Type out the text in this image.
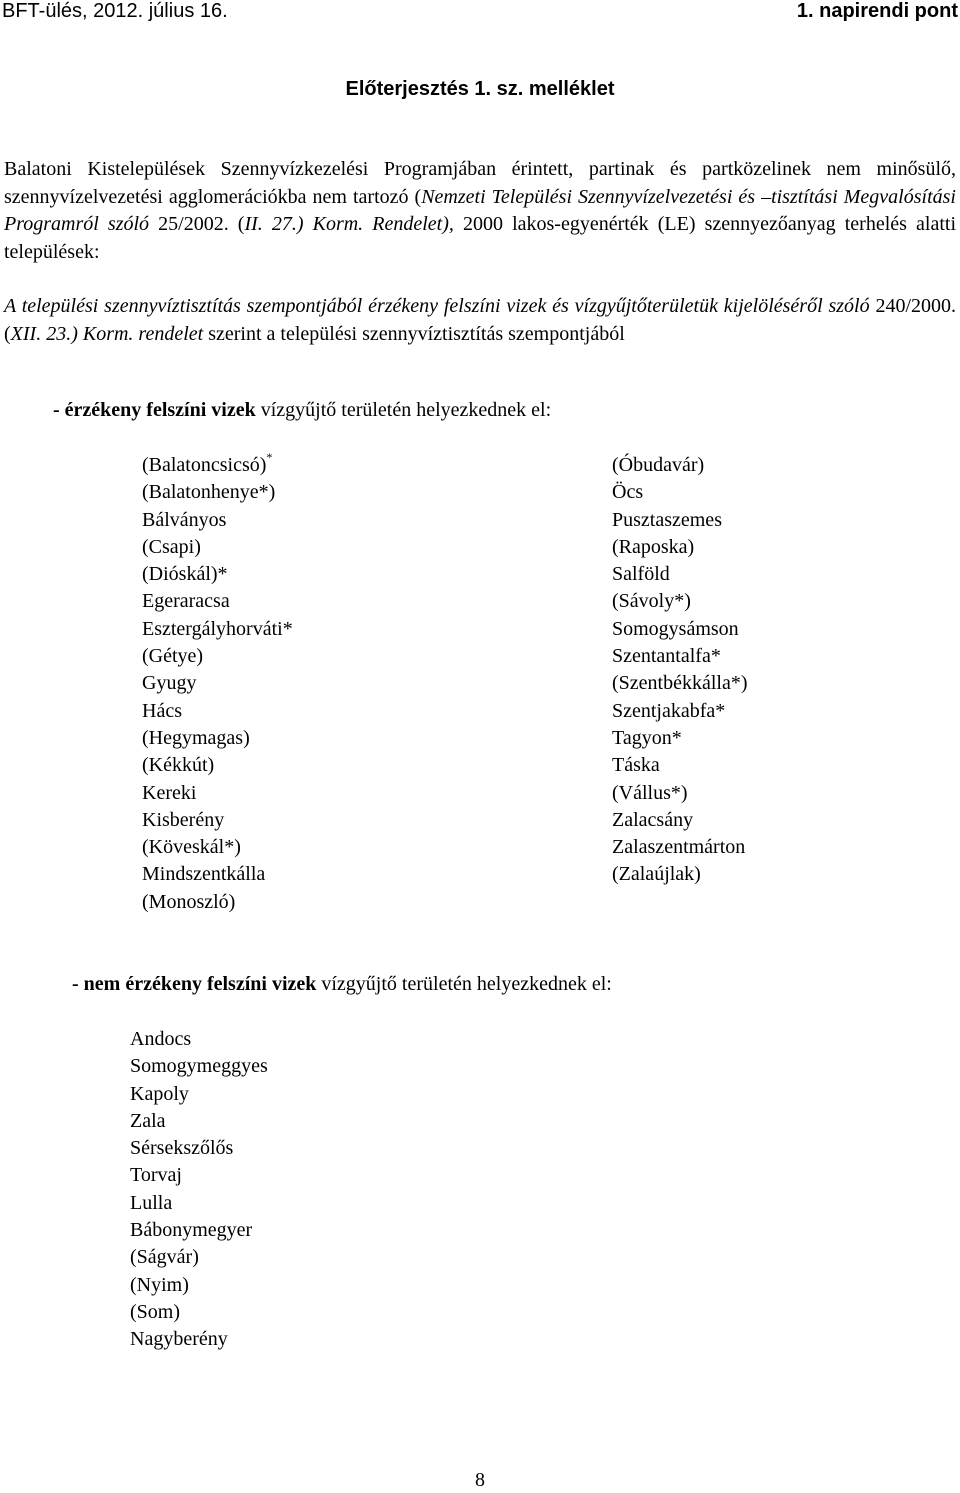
BFT-ülés, 2012. július 16.	1. napirendi pont
Előterjesztés 1. sz. melléklet
Balatoni Kistelepülések Szennyvízkezelési Programjában érintett, partinak és partközelinek nem minősülő, szennyvízelvezetési agglomerációkba nem tartozó (Nemzeti Települési Szennyvízelvezetési és –tisztítási Megvalósítási Programról szóló 25/2002. (II. 27.) Korm. Rendelet), 2000 lakos-egyenérték (LE) szennyezőanyag terhelés alatti települések:
A települési szennyvíztisztítás szempontjából érzékeny felszíni vizek és vízgyűjtőterületük kijelöléséről szóló 240/2000. (XII. 23.) Korm. rendelet szerint a települési szennyvíztisztítás szempontjából
- érzékeny felszíni vizek vízgyűjtő területén helyezkednek el:
(Balatoncsicsó)*
(Balatonhenye*)
Bálványos
(Csapi)
(Dióskál)*
Egeraracsa
Esztergályhorváti*
(Gétye)
Gyugy
Hács
(Hegymagas)
(Kékkút)
Kereki
Kisberény
(Köveskál*)
Mindszentkálla
(Monoszló)
(Óbudavár)
Öcs
Pusztaszemes
(Raposka)
Salföld
(Sávoly*)
Somogysámson
Szentantalfa*
(Szentbékkálla*)
Szentjakabfa*
Tagyon*
Táska
(Vállus*)
Zalacsány
Zalaszentmárton
(Zalaújlak)
- nem érzékeny felszíni vizek vízgyűjtő területén helyezkednek el:
Andocs
Somogymeggyes
Kapoly
Zala
Sérsekszőlős
Torvaj
Lulla
Bábonymegyer
(Ságvár)
(Nyim)
(Som)
Nagyberény
8
